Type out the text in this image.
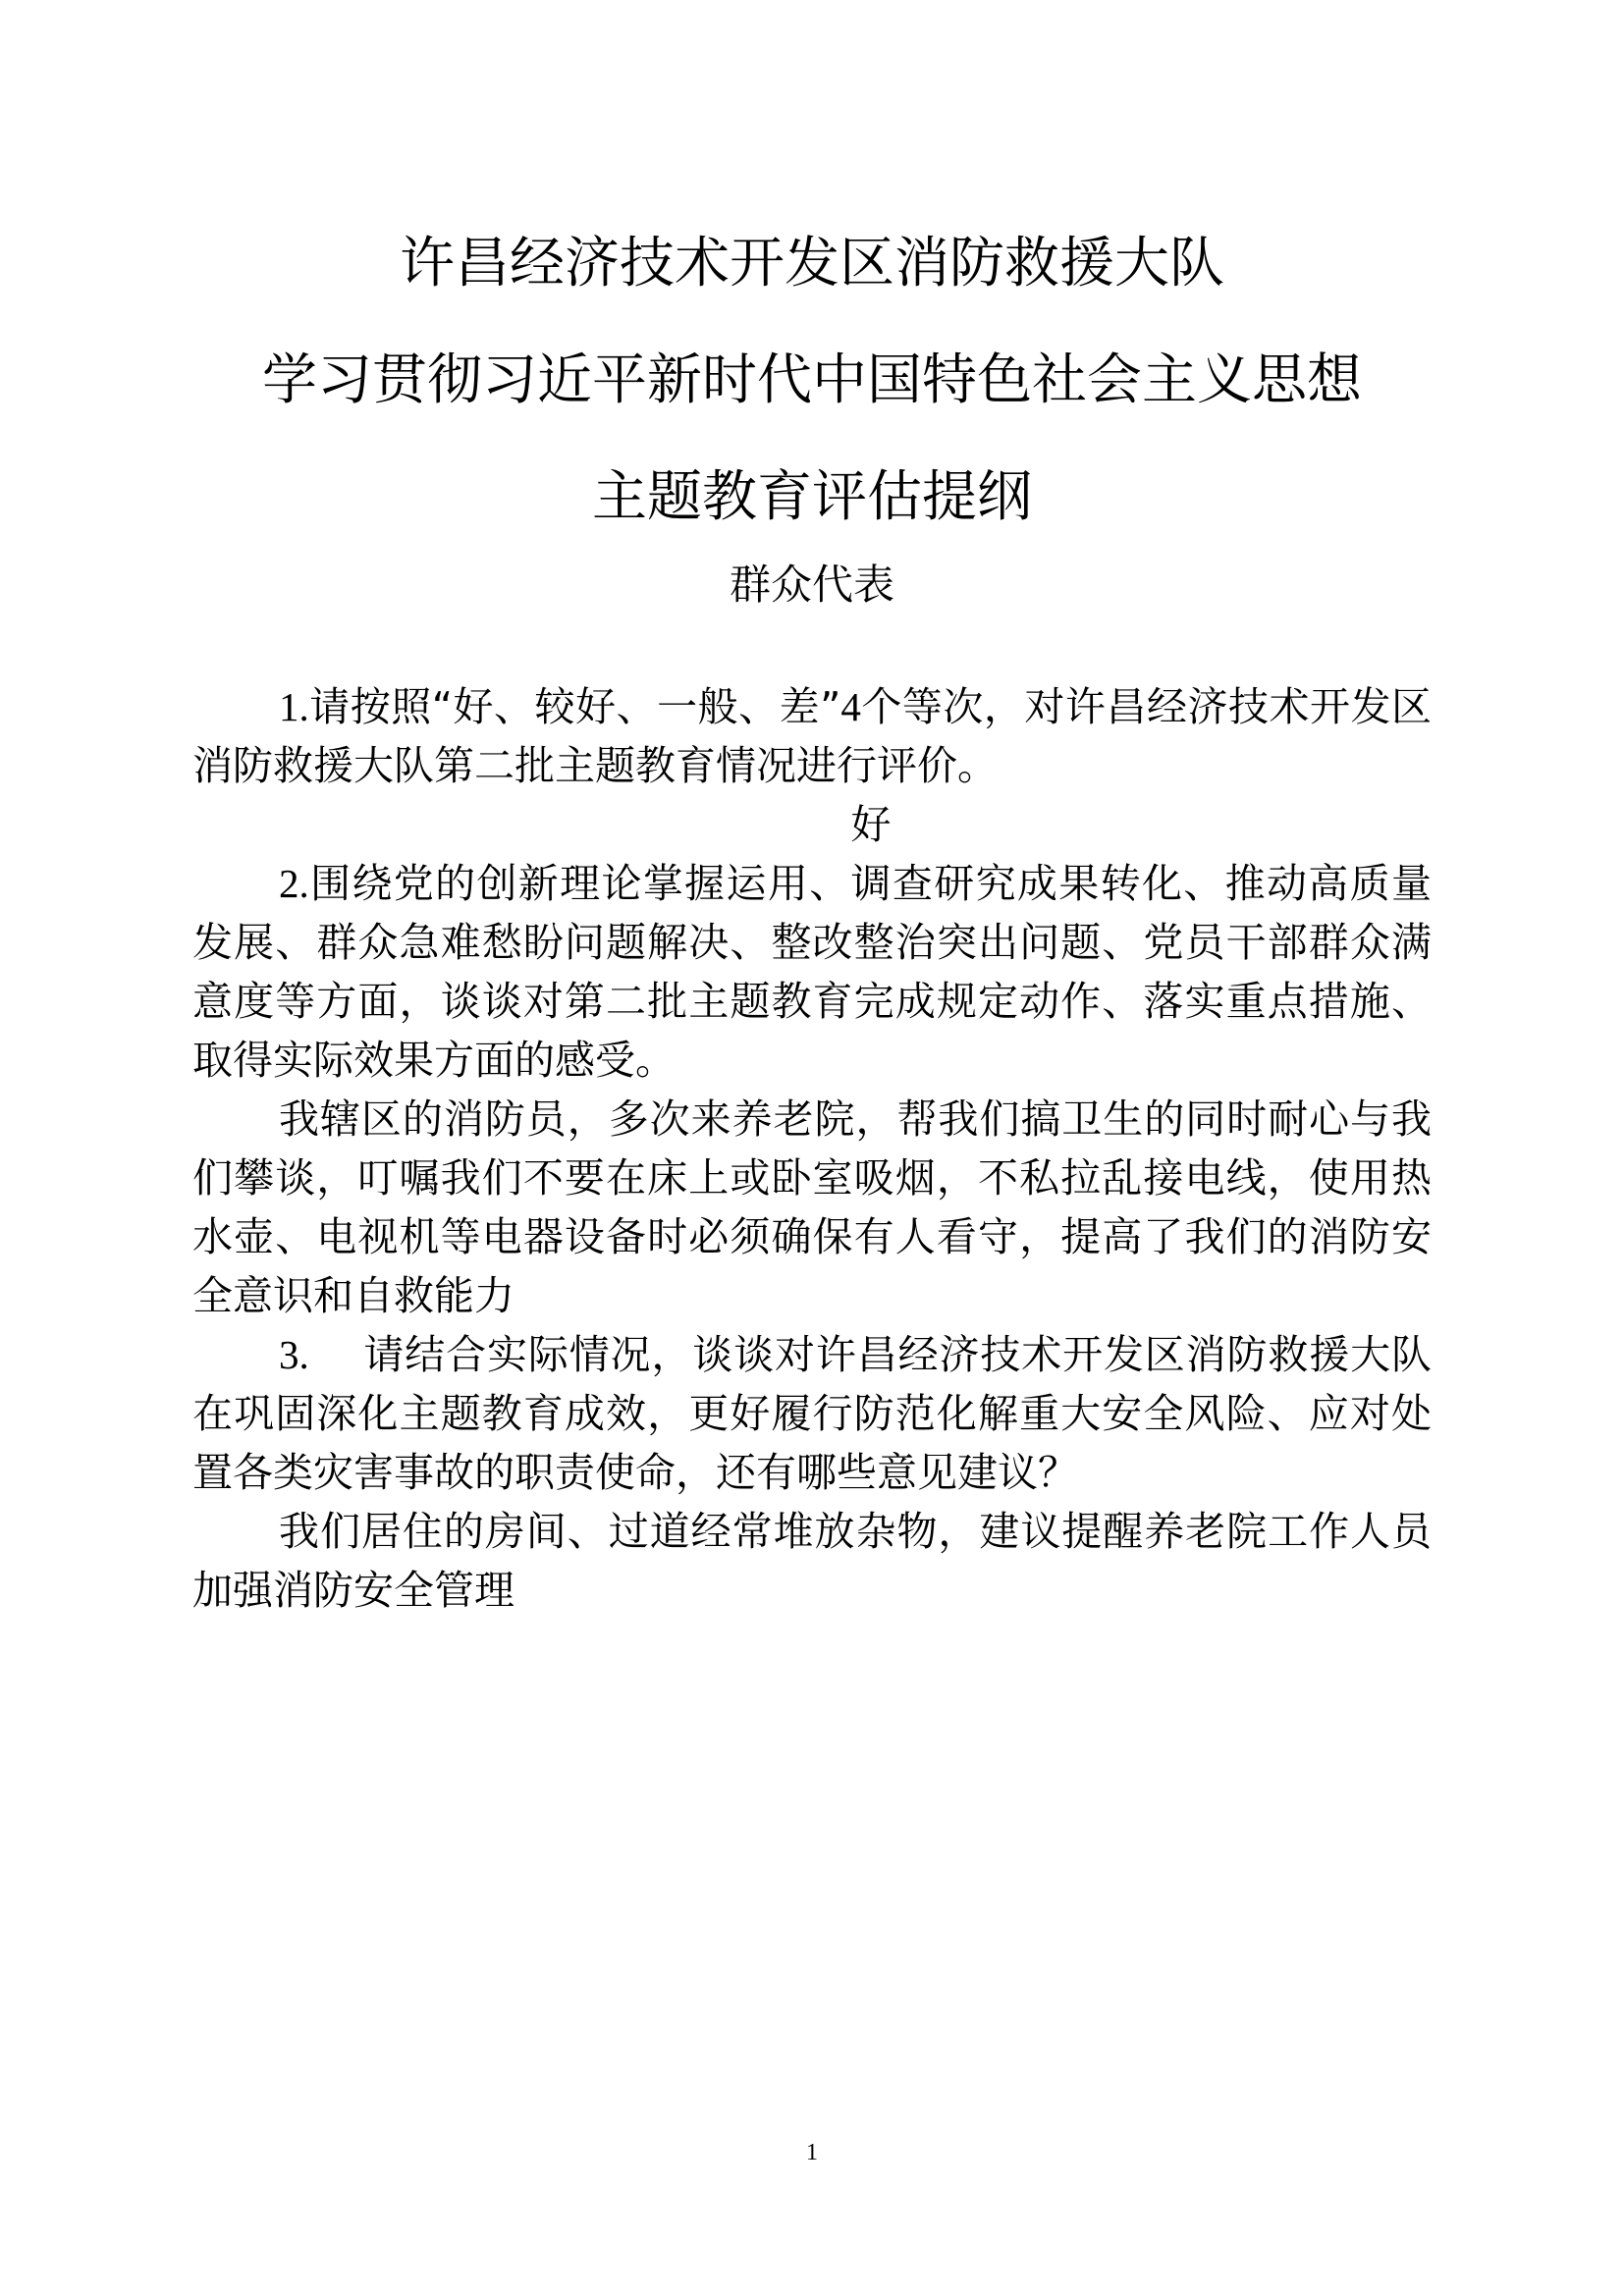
许昌经济技术开发区消防救援大队
学习贯彻习近平新时代中国特色社会主义思想
主题教育评估提纲
群众代表

1.请按照“好、较好、一般、差”4个等次，对许昌经济技术开发区消防救援大队第二批主题教育情况进行评价。

好

2.围绕党的创新理论掌握运用、调查研究成果转化、推动高质量发展、群众急难愁盼问题解决、整改整治突出问题、党员干部群众满意度等方面，谈谈对第二批主题教育完成规定动作、落实重点措施、取得实际效果方面的感受。

我辖区的消防员，多次来养老院，帮我们搞卫生的同时耐心与我们攀谈，叮嘱我们不要在床上或卧室吸烟，不私拉乱接电线，使用热水壶、电视机等电器设备时必须确保有人看守，提高了我们的消防安全意识和自救能力

3. 请结合实际情况，谈谈对许昌经济技术开发区消防救援大队在巩固深化主题教育成效，更好履行防范化解重大安全风险、应对处置各类灾害事故的职责使命，还有哪些意见建议？

我们居住的房间、过道经常堆放杂物，建议提醒养老院工作人员加强消防安全管理

1
